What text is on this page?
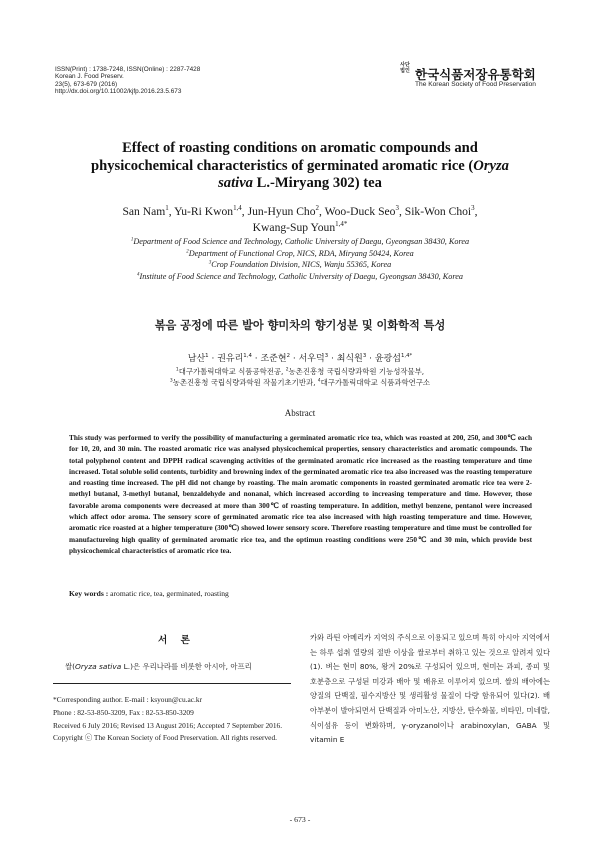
ISSN(Print) : 1738-7248, ISSN(Online) : 2287-7428
Korean J. Food Preserv.
23(5), 673-679 (2016)
http://dx.doi.org/10.11002/kjfp.2016.23.5.673
사단
법인 한국식품저장유통학회
The Korean Society of Food Preservation
Effect of roasting conditions on aromatic compounds and
physicochemical characteristics of germinated aromatic rice (Oryza
sativa L.-Miryang 302) tea
San Nam$^1$, Yu-Ri Kwon$^{1,4}$, Jun-Hyun Cho$^2$, Woo-Duck Seo$^3$, Sik-Won Choi$^3$,
Kwang-Sup Youn$^{1,4*}$
$^1$Department of Food Science and Technology, Catholic University of Daegu, Gyeongsan 38430, Korea
$^2$Department of Functional Crop, NICS, RDA, Miryang 50424, Korea
$^3$Crop Foundation Division, NICS, Wanju 55365, Korea
$^4$Institute of Food Science and Technology, Catholic University of Daegu, Gyeongsan 38430, Korea
볶음 공정에 따른 발아 향미차의 향기성분 및 이화학적 특성
남산$^1$ · 권유리$^{1,4}$ · 조준현$^2$ · 서우덕$^3$ · 최식원$^3$ · 윤광섭$^{1,4*}$
$^1$대구가톨릭대학교 식품공학전공, $^2$농촌진흥청 국립식량과학원 기능성작물부,
$^3$농촌진흥청 국립식량과학원 작물기초기반과, $^4$대구가톨릭대학교 식품과학연구소
Abstract

This study was performed to verify the possibility of manufacturing a germinated aromatic rice tea, which was roasted at 200, 250, and 300℃ each for 10, 20, and 30 min. The roasted aromatic rice was analysed physicochemical properties, sensory characteristics and aromatic compounds. The total polyphenol content and DPPH radical scavenging activities of the germinated aromatic rice increased as the roasting temperature and time increased. Total soluble solid contents, turbidity and browning index of the germinated aromatic rice tea also increased was the roasting temperature and roasting time increased. The pH did not change by roasting. The main aromatic components in roasted germinated aromatic rice tea were 2-methyl butanal, 3-methyl butanal, benzaldehyde and nonanal, which increased according to increasing temperature and time. However, those favorable aroma components were decreased at more than 300℃ of roasting temperature. In addition, methyl benzene, pentanol were increased which affect odor aroma. The sensory score of germinated aromatic rice tea also increased with high roasting temperature and time. However, aromatic rice roasted at a higher temperature (300℃) showed lower sensory score. Therefore roasting temperature and time must be controlled for manufactureing high quality of germinated aromatic rice tea, and the optimun roasting conditions were 250℃ and 30 min, which provide best physicochemical characteristics of aromatic rice tea.

Key words : aromatic rice, tea, germinated, roasting
서 론

쌀(Oryza sativa L.)은 우리나라를 비롯한 아시아, 아프리

*Corresponding author. E-mail : ksyoun@cu.ac.kr

Phone : 82-53-850-3209, Fax : 82-53-850-3209

Received 6 July 2016; Revised 13 August 2016; Accepted 7 September 2016.

Copyright ⓒ The Korean Society of Food Preservation. All rights reserved.

카와 라틴 아메리카 지역의 주식으로 이용되고 있으며 특히 아시아 지역에서는 하루 섭취 열량의 절반 이상을 쌀로부터 취하고 있는 것으로 알려져 있다(1). 벼는 현미 80%, 왕겨 20%로 구성되어 있으며, 현미는 과피, 종피 및 호분층으로 구성된 미강과 배아 및 배유로 이루어져 있으며. 쌀의 배아에는 양질의 단백질, 필수지방산 및 생리활성 물질이 다량 함유되어 있다(2). 배아부분이 발아되면서 단백질과 아미노산, 지방산, 탄수화물, 비타민, 미네랄, 식이섬유 등이 변화하며, γ-oryzanol이나 arabinoxylan, GABA 및 vitamin E

- 673 -
